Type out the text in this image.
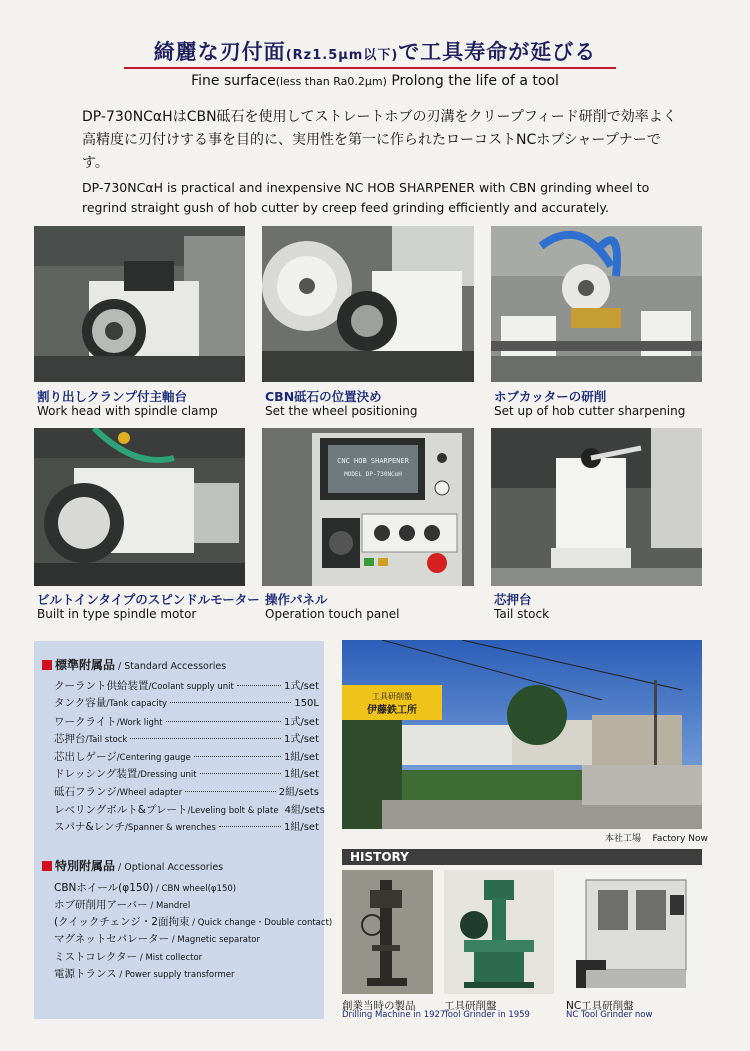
綺麗な刃付面(Rz1.5μm以下)で工具寿命が延びる
Fine surface(less than Ra0.2μm) Prolong the life of a tool
DP-730NCαHはCBN砥石を使用してストレートホブの刃溝をクリープフィード研削で効率よく高精度に刃付けする事を目的に、実用性を第一に作られたローコストNCホブシャープナーです。
DP-730NCαH is practical and inexpensive NC HOB SHARPENER with CBN grinding wheel to regrind straight gush of hob cutter by creep feed grinding efficiently and accurately.
割り出しクランプ付主軸台
Work head with spindle clamp
CBN砥石の位置決め
Set the wheel positioning
ホブカッターの研削
Set up of hob cutter sharpening
CNC HOB SHARPENER
MODEL DP-730NCαH
ビルトインタイプのスピンドルモーター
Built in type spindle motor
操作パネル
Operation touch panel
芯押台
Tail stock
標準附属品 / Standard Accessories
クーラント供給装置 / Coolant supply unit	1式/set
タンク容量 / Tank capacity	150L
ワークライト / Work light	1式/set
芯押台 / Tail stock	1式/set
芯出しゲージ / Centering gauge	1組/set
ドレッシング装置 / Dressing unit	1組/set
砥石フランジ / Wheel adapter	2組/sets
レベリングボルト&プレート / Leveling bolt & plate 4組/sets
スパナ&レンチ / Spanner & wrenches	1組/set
特別附属品 / Optional Accessories
CBNホイール(φ150) / CBN wheel(φ150)
ホブ研削用アーバー / Mandrel
(クイックチェンジ・2面拘束 / Quick change・Double contact)
マグネットセパレーター / Magnetic separator
ミストコレクター / Mist collector
電源トランス / Power supply transformer
工具研削盤
伊藤鉄工所
本社工場 Factory Now
HISTORY
創業当時の製品
Drilling Machine in 1927
工具研削盤
Tool Grinder in 1959
NC工具研削盤
NC Tool Grinder now
